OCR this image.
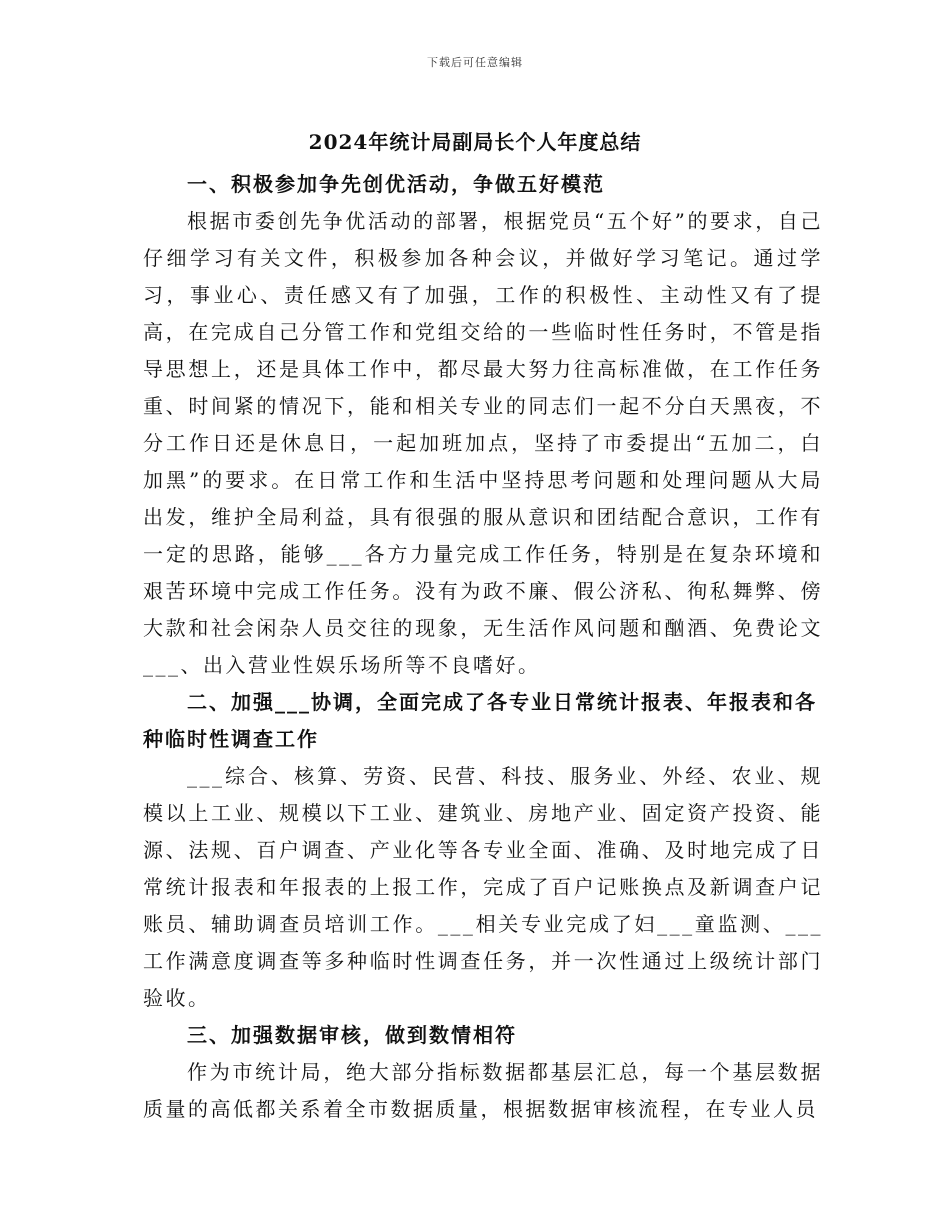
下载后可任意编辑
2024年统计局副局长个人年度总结

一、积极参加争先创优活动，争做五好模范

根据市委创先争优活动的部署，根据党员“五个好”的要求，自己仔细学习有关文件，积极参加各种会议，并做好学习笔记。通过学习，事业心、责任感又有了加强，工作的积极性、主动性又有了提高，在完成自己分管工作和党组交给的一些临时性任务时，不管是指导思想上，还是具体工作中，都尽最大努力往高标准做，在工作任务重、时间紧的情况下，能和相关专业的同志们一起不分白天黑夜，不分工作日还是休息日，一起加班加点，坚持了市委提出“五加二，白加黑”的要求。在日常工作和生活中坚持思考问题和处理问题从大局出发，维护全局利益，具有很强的服从意识和团结配合意识，工作有一定的思路，能够___各方力量完成工作任务，特别是在复杂环境和艰苦环境中完成工作任务。没有为政不廉、假公济私、徇私舞弊、傍大款和社会闲杂人员交往的现象，无生活作风问题和酗酒、免费论文___、出入营业性娱乐场所等不良嗜好。

二、加强___协调，全面完成了各专业日常统计报表、年报表和各种临时性调查工作

___综合、核算、劳资、民营、科技、服务业、外经、农业、规模以上工业、规模以下工业、建筑业、房地产业、固定资产投资、能源、法规、百户调查、产业化等各专业全面、准确、及时地完成了日常统计报表和年报表的上报工作，完成了百户记账换点及新调查户记账员、辅助调查员培训工作。___相关专业完成了妇___童监测、___工作满意度调查等多种临时性调查任务，并一次性通过上级统计部门验收。

三、加强数据审核，做到数情相符

作为市统计局，绝大部分指标数据都基层汇总，每一个基层数据质量的高低都关系着全市数据质量，根据数据审核流程，在专业人员
